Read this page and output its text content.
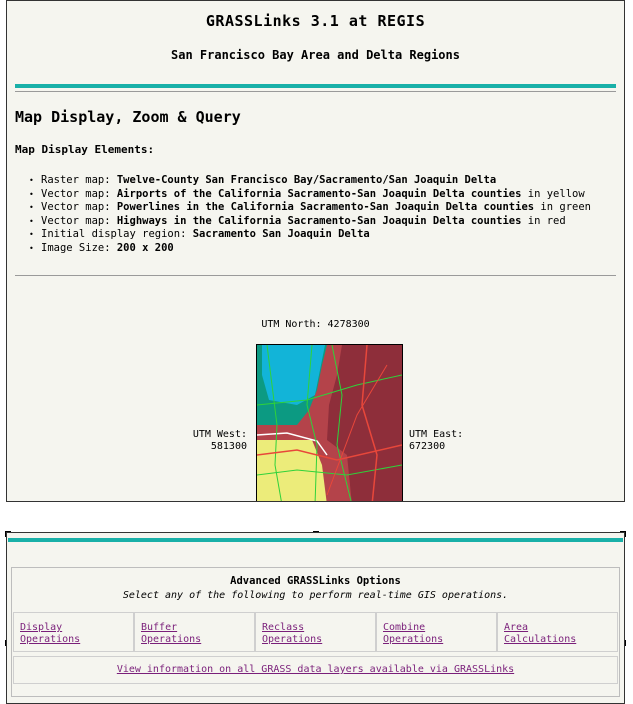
GRASSLinks 3.1 at REGIS
San Francisco Bay Area and Delta Regions
Map Display, Zoom & Query
Map Display Elements:
• Raster map: Twelve-County San Francisco Bay/Sacramento/San Joaquin Delta
• Vector map: Airports of the California Sacramento-San Joaquin Delta counties in yellow
• Vector map: Powerlines in the California Sacramento-San Joaquin Delta counties in green
• Vector map: Highways in the California Sacramento-San Joaquin Delta counties in red
• Initial display region: Sacramento San Joaquin Delta
• Image Size: 200 x 200
UTM North: 4278300
UTM West:
581300
UTM East:
672300
Advanced GRASSLinks Options
Select any of the following to perform real-time GIS operations.
Display
Operations
Buffer
Operations
Reclass
Operations
Combine
Operations
Area
Calculations
View information on all GRASS data layers available via GRASSLinks
